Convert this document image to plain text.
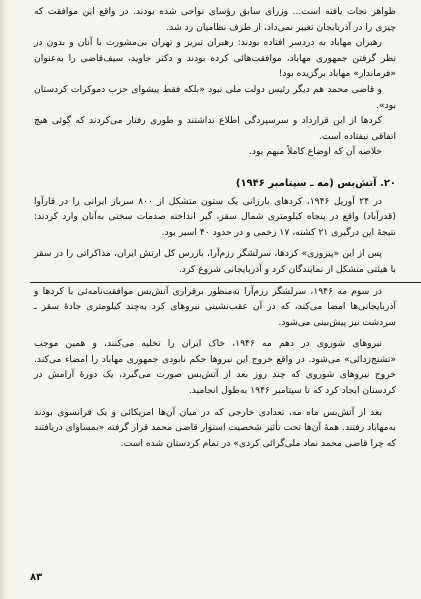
ظواهر نجات یافته است... وزرای سابق رؤسای نواحی شده بودند. در واقع این موافقت که چیزی را در آذربایجان تغییر نمی‌داد، از طرف نظامیان رد شد.

رهبران مهاباد به دردسر افتاده بودند: رهبران تبریز و تهران بی‌مشورت با آنان و بدون در نظر گرفتن جمهوری مهاباد، موافقت‌هائی کرده بودند و دکتر جاوید، سیف‌قاضی را به‌عنوان «فرماندار» مهاباد برگزیده بود!

و قاضی محمد هم دیگر رئیس دولت ملی نبود «بلکه فقط پیشوای حزب دموکرات کردستان بود».

کردها از این قرارداد و سرسپردگی اطلاع نداشتند و طوری رفتار می‌کردند که گوئی هیچ اتفاقی نیفتاده است.

خلاصه آن که اوضاع کاملاً مبهم بود.

۲۰. آتش‌بس (مه ـ سپتامبر ۱۹۴۶)

در ۲۴ آوریل ۱۹۴۶، کردهای بارزانی یک ستون متشکل از ۸۰۰ سرباز ایرانی را در قارآوا (قدرآباد) واقع در پنجاه کیلومتری شمال سقز، گیر انداخته صدمات سختی به‌آنان وارد کردند: نتیجهٔ این درگیری ۲۱ کشته، ۱۷ زخمی و در حدود ۴۰ اسیر بود.

پس از این «پیروزی» کردها، سرلشگر رزم‌آرا، بازرس کل ارتش ایران، مذاکراتی را در سقز با هیئتی متشکل از نمایندگان کرد و آذربایجانی شروع کرد.

در سوم مه ۱۹۴۶، سرلشگر رزم‌آرا به‌منظور برقراری آتش‌بس موافقت‌نامه‌ئی با کردها و آذربایجانی‌ها امضا می‌کند، که در آن عقب‌نشینی نیروهای کرد به‌چند کیلومتری جادهٔ سقز ـ سردشت نیز پیش‌بینی می‌شود.

نیروهای شوروی در دهم مه ۱۹۴۶، خاک ایران را تخلیه می‌کنند، و همین موجب «تشنج‌زدائی» می‌شود. در واقع خروج این نیروها حکم نابودی جمهوری مهاباد را امضاء می‌کند. خروج نیروهای شوروی که چند روز بعد از آتش‌بس صورت می‌گیرد، یک دورهٔ آرامش در کردستان ایجاد کرد که تا سپتامبر ۱۹۴۶ به‌طول انجامید.

بعد از آتش‌بس ماه مه، تعدادی خارجی که در میان آن‌ها امریکائی و یک فرانسوی بودند به‌مهاباد رفتند. همهٔ آن‌ها تحت تأثیر شخصیت استوار قاضی محمد قرار گرفته «بمساوای دریافتند که چرا قاضی محمد نماد ملی‌گرائی کردی» در تمام کردستان شده است.

۸۳
